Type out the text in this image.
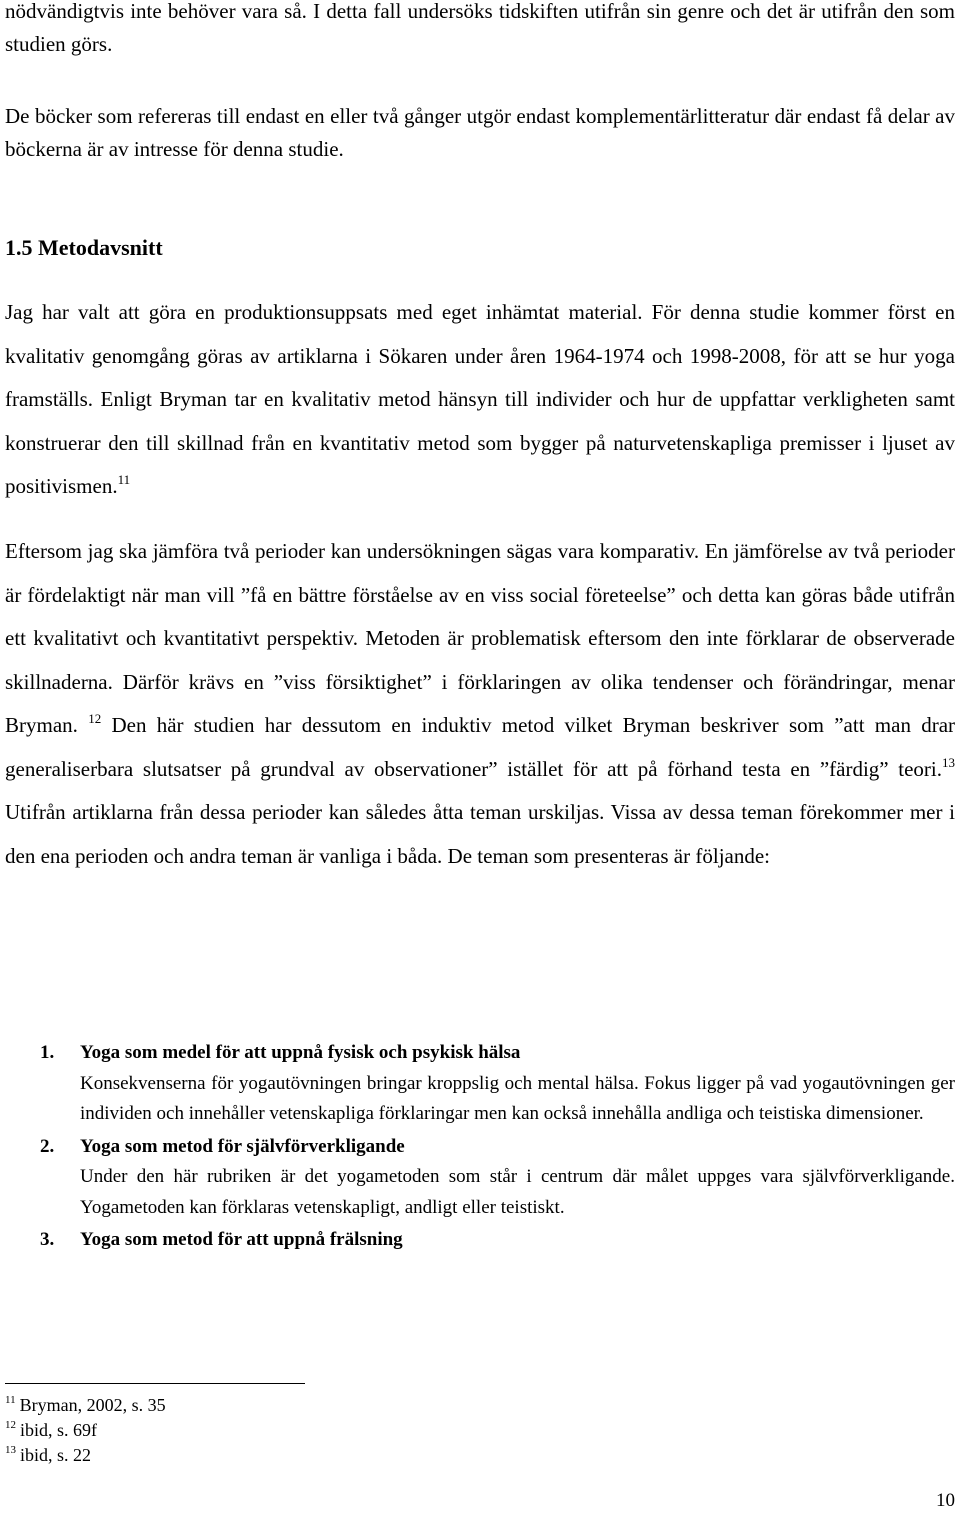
nödvändigtvis inte behöver vara så. I detta fall undersöks tidskiften utifrån sin genre och det är utifrån den som studien görs.

De böcker som refereras till endast en eller två gånger utgör endast komplementärlitteratur där endast få delar av böckerna är av intresse för denna studie.

1.5 Metodavsnitt

Jag har valt att göra en produktionsuppsats med eget inhämtat material. För denna studie kommer först en kvalitativ genomgång göras av artiklarna i Sökaren under åren 1964-1974 och 1998-2008, för att se hur yoga framställs. Enligt Bryman tar en kvalitativ metod hänsyn till individer och hur de uppfattar verkligheten samt konstruerar den till skillnad från en kvantitativ metod som bygger på naturvetenskapliga premisser i ljuset av positivismen.$^{11}$

Eftersom jag ska jämföra två perioder kan undersökningen sägas vara komparativ. En jämförelse av två perioder är fördelaktigt när man vill ”få en bättre förståelse av en viss social företeelse” och detta kan göras både utifrån ett kvalitativt och kvantitativt perspektiv. Metoden är problematisk eftersom den inte förklarar de observerade skillnaderna. Därför krävs en ”viss försiktighet” i förklaringen av olika tendenser och förändringar, menar Bryman. $^{12}$ Den här studien har dessutom en induktiv metod vilket Bryman beskriver som ”att man drar generaliserbara slutsatser på grundval av observationer” istället för att på förhand testa en ”färdig” teori.$^{13}$ Utifrån artiklarna från dessa perioder kan således åtta teman urskiljas. Vissa av dessa teman förekommer mer i den ena perioden och andra teman är vanliga i båda. De teman som presenteras är följande:

1. Yoga som medel för att uppnå fysisk och psykisk hälsa
Konsekvenserna för yogautövningen bringar kroppslig och mental hälsa. Fokus ligger på vad yogautövningen ger individen och innehåller vetenskapliga förklaringar men kan också innehålla andliga och teistiska dimensioner.
2. Yoga som metod för självförverkligande
Under den här rubriken är det yogametoden som står i centrum där målet uppges vara självförverkligande. Yogametoden kan förklaras vetenskapligt, andligt eller teistiskt.
3. Yoga som metod för att uppnå frälsning
$^{11}$ Bryman, 2002, s. 35
$^{12}$ ibid, s. 69f
$^{13}$ ibid, s. 22
10
